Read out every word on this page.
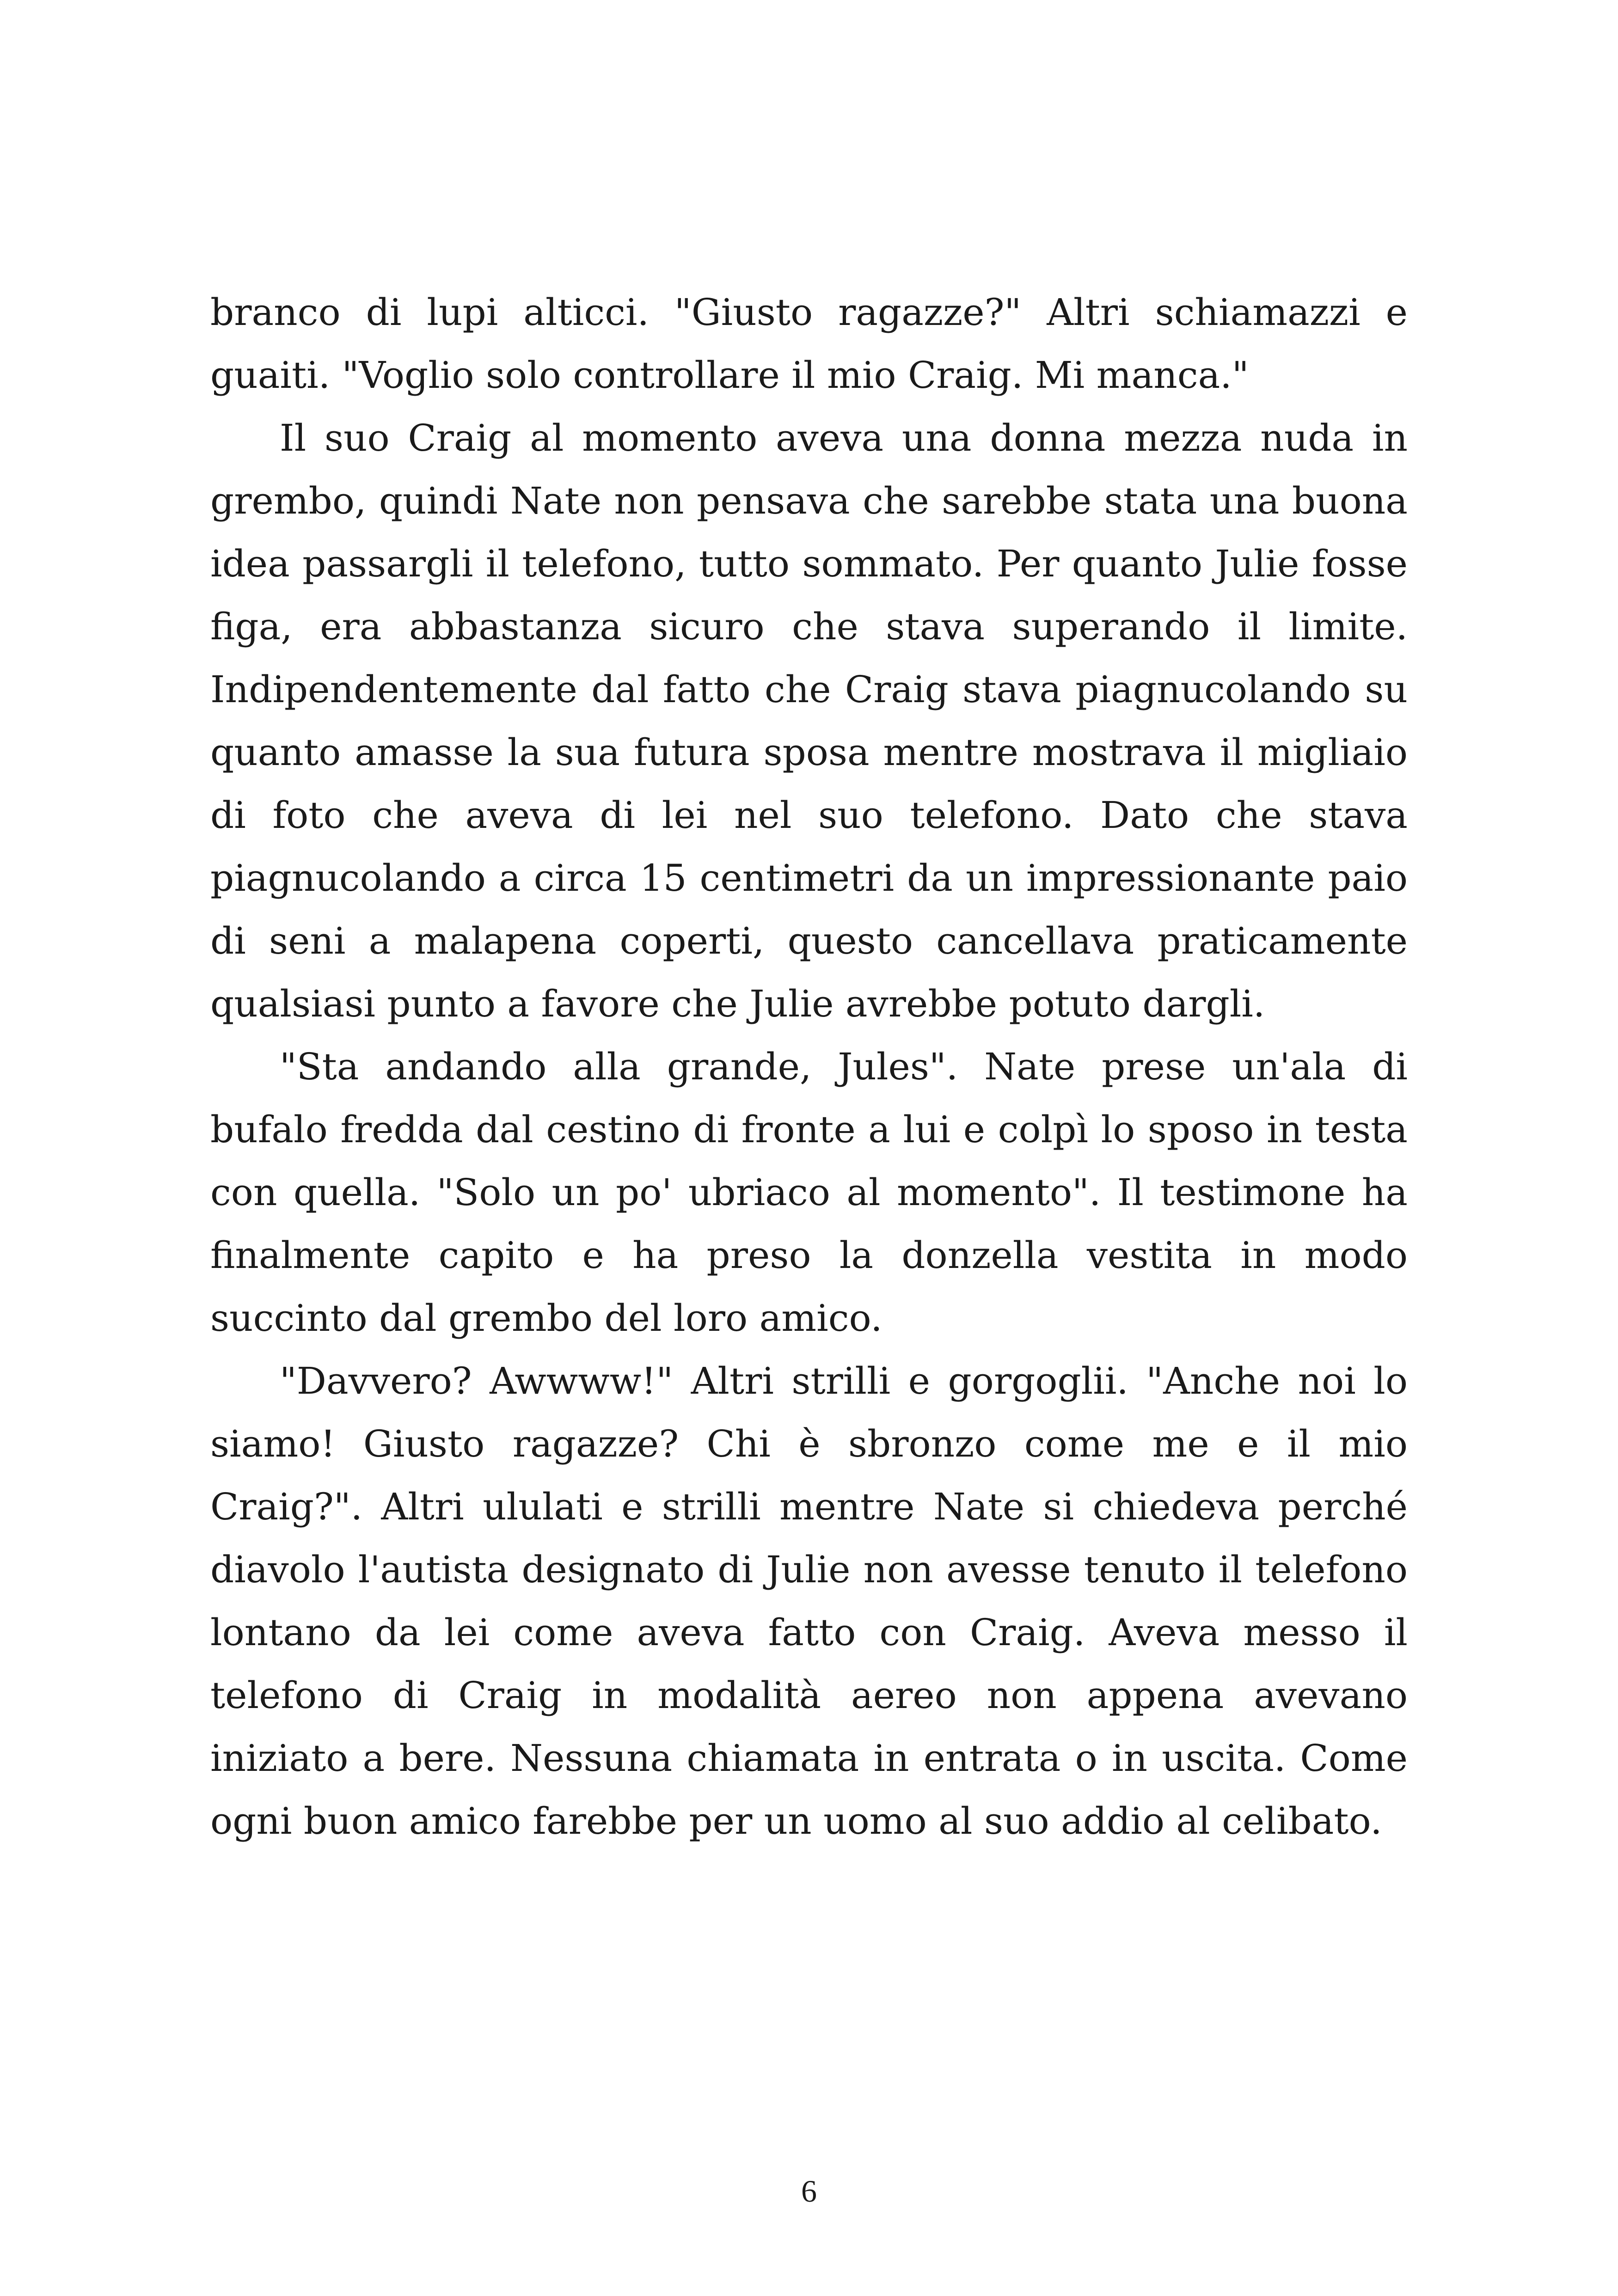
branco di lupi alticci. "Giusto ragazze?" Altri schiamazzi e guaiti. "Voglio solo controllare il mio Craig. Mi manca."

Il suo Craig al momento aveva una donna mezza nuda in grembo, quindi Nate non pensava che sarebbe stata una buona idea passargli il telefono, tutto sommato. Per quanto Julie fosse figa, era abbastanza sicuro che stava superando il limite. Indipendentemente dal fatto che Craig stava piagnucolando su quanto amasse la sua futura sposa mentre mostrava il migliaio di foto che aveva di lei nel suo telefono. Dato che stava piagnucolando a circa 15 centimetri da un impressionante paio di seni a malapena coperti, questo cancellava praticamente qualsiasi punto a favore che Julie avrebbe potuto dargli.

"Sta andando alla grande, Jules". Nate prese un'ala di bufalo fredda dal cestino di fronte a lui e colpì lo sposo in testa con quella. "Solo un po' ubriaco al momento". Il testimone ha finalmente capito e ha preso la donzella vestita in modo succinto dal grembo del loro amico.

"Davvero? Awwww!" Altri strilli e gorgoglii. "Anche noi lo siamo! Giusto ragazze? Chi è sbronzo come me e il mio Craig?". Altri ululati e strilli mentre Nate si chiedeva perché diavolo l'autista designato di Julie non avesse tenuto il telefono lontano da lei come aveva fatto con Craig. Aveva messo il telefono di Craig in modalità aereo non appena avevano iniziato a bere. Nessuna chiamata in entrata o in uscita. Come ogni buon amico farebbe per un uomo al suo addio al celibato.

6
